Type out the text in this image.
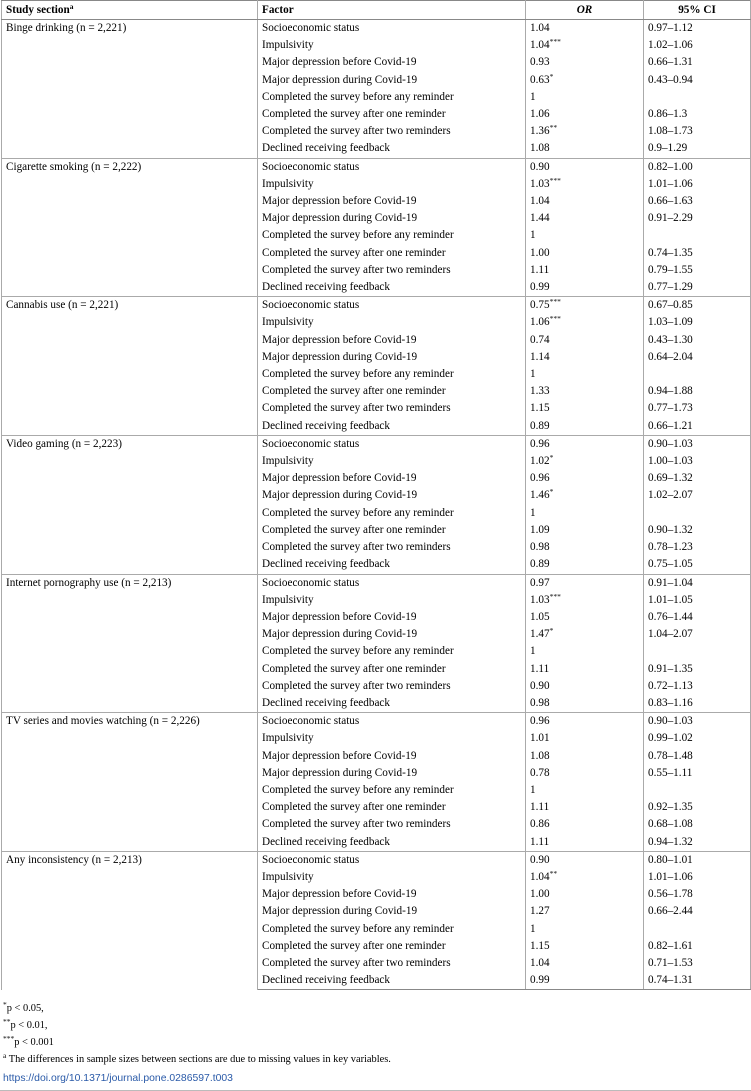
Study section$^a$	Factor	OR	95% CI
Binge drinking (n = 2,221)	Socioeconomic status	1.04	0.97–1.12
	Impulsivity	1.04***	1.02–1.06
	Major depression before Covid-19	0.93	0.66–1.31
	Major depression during Covid-19	0.63*	0.43–0.94
	Completed the survey before any reminder	1	
	Completed the survey after one reminder	1.06	0.86–1.3
	Completed the survey after two reminders	1.36**	1.08–1.73
	Declined receiving feedback	1.08	0.9–1.29
Cigarette smoking (n = 2,222)	Socioeconomic status	0.90	0.82–1.00
	Impulsivity	1.03***	1.01–1.06
	Major depression before Covid-19	1.04	0.66–1.63
	Major depression during Covid-19	1.44	0.91–2.29
	Completed the survey before any reminder	1	
	Completed the survey after one reminder	1.00	0.74–1.35
	Completed the survey after two reminders	1.11	0.79–1.55
	Declined receiving feedback	0.99	0.77–1.29
Cannabis use (n = 2,221)	Socioeconomic status	0.75***	0.67–0.85
	Impulsivity	1.06***	1.03–1.09
	Major depression before Covid-19	0.74	0.43–1.30
	Major depression during Covid-19	1.14	0.64–2.04
	Completed the survey before any reminder	1	
	Completed the survey after one reminder	1.33	0.94–1.88
	Completed the survey after two reminders	1.15	0.77–1.73
	Declined receiving feedback	0.89	0.66–1.21
Video gaming (n = 2,223)	Socioeconomic status	0.96	0.90–1.03
	Impulsivity	1.02*	1.00–1.03
	Major depression before Covid-19	0.96	0.69–1.32
	Major depression during Covid-19	1.46*	1.02–2.07
	Completed the survey before any reminder	1	
	Completed the survey after one reminder	1.09	0.90–1.32
	Completed the survey after two reminders	0.98	0.78–1.23
	Declined receiving feedback	0.89	0.75–1.05
Internet pornography use (n = 2,213)	Socioeconomic status	0.97	0.91–1.04
	Impulsivity	1.03***	1.01–1.05
	Major depression before Covid-19	1.05	0.76–1.44
	Major depression during Covid-19	1.47*	1.04–2.07
	Completed the survey before any reminder	1	
	Completed the survey after one reminder	1.11	0.91–1.35
	Completed the survey after two reminders	0.90	0.72–1.13
	Declined receiving feedback	0.98	0.83–1.16
TV series and movies watching (n = 2,226)	Socioeconomic status	0.96	0.90–1.03
	Impulsivity	1.01	0.99–1.02
	Major depression before Covid-19	1.08	0.78–1.48
	Major depression during Covid-19	0.78	0.55–1.11
	Completed the survey before any reminder	1	
	Completed the survey after one reminder	1.11	0.92–1.35
	Completed the survey after two reminders	0.86	0.68–1.08
	Declined receiving feedback	1.11	0.94–1.32
Any inconsistency (n = 2,213)	Socioeconomic status	0.90	0.80–1.01
	Impulsivity	1.04**	1.01–1.06
	Major depression before Covid-19	1.00	0.56–1.78
	Major depression during Covid-19	1.27	0.66–2.44
	Completed the survey before any reminder	1	
	Completed the survey after one reminder	1.15	0.82–1.61
	Completed the survey after two reminders	1.04	0.71–1.53
	Declined receiving feedback	0.99	0.74–1.31
*p < 0.05,
**p < 0.01,
***p < 0.001
$^a$ The differences in sample sizes between sections are due to missing values in key variables.
https://doi.org/10.1371/journal.pone.0286597.t003
